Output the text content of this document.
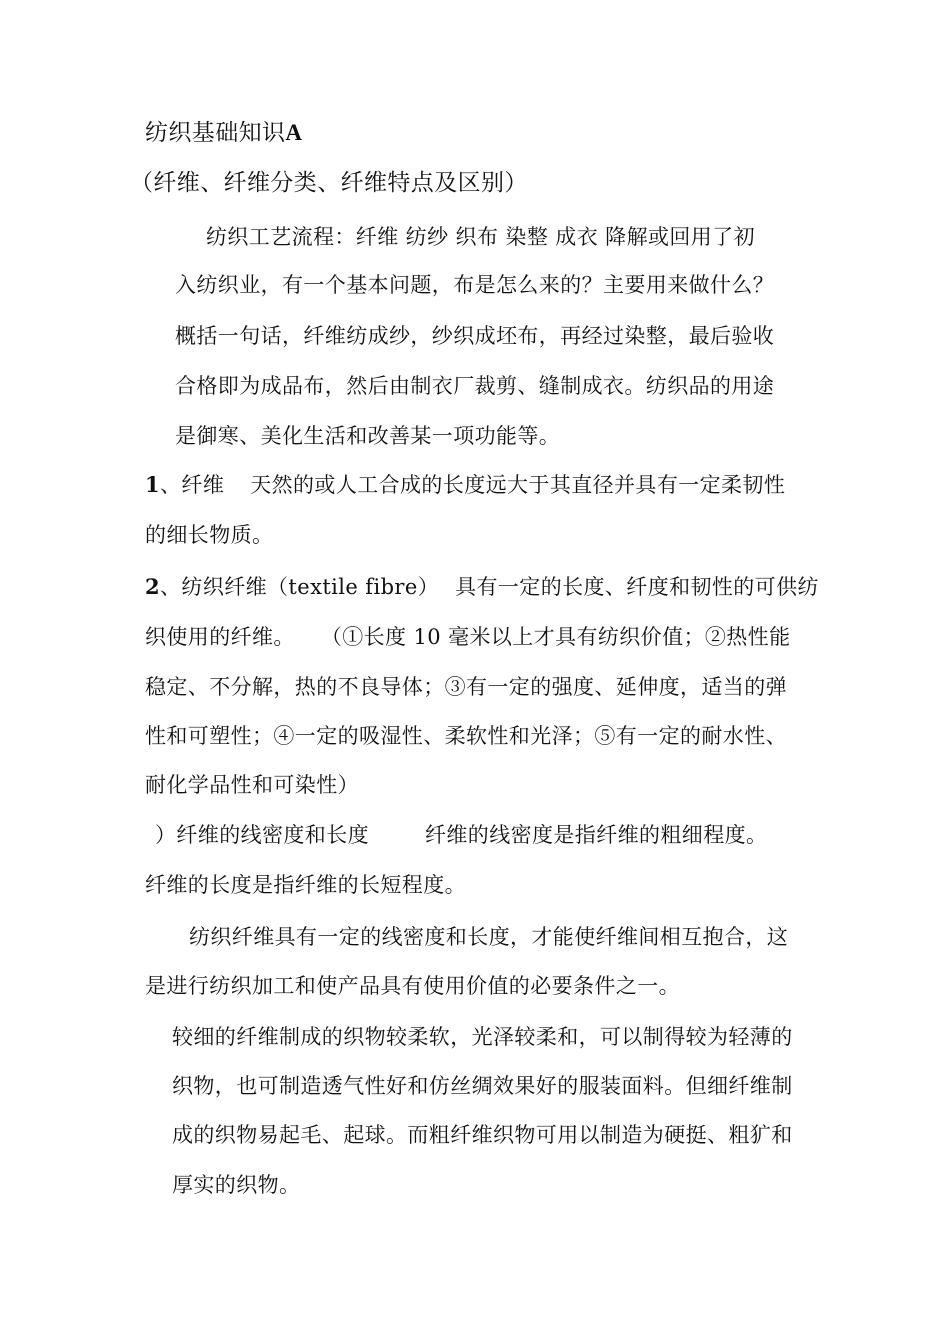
纺织基础知识A
（纤维、纤维分类、纤维特点及区别）
纺织工艺流程：纤维 纺纱 织布 染整 成衣 降解或回用了初
入纺织业，有一个基本问题，布是怎么来的？主要用来做什么？
概括一句话，纤维纺成纱，纱织成坯布，再经过染整，最后验收
合格即为成品布，然后由制衣厂裁剪、缝制成衣。纺织品的用途
是御寒、美化生活和改善某一项功能等。
1、纤维 天然的或人工合成的长度远大于其直径并具有一定柔韧性
的细长物质。
2、纺织纤维（textile fibre） 具有一定的长度、纤度和韧性的可供纺
织使用的纤维。 （①长度 10 毫米以上才具有纺织价值；②热性能
稳定、不分解，热的不良导体；③有一定的强度、延伸度，适当的弹
性和可塑性；④一定的吸湿性、柔软性和光泽；⑤有一定的耐水性、
耐化学品性和可染性）
）纤维的线密度和长度	纤维的线密度是指纤维的粗细程度。
纤维的长度是指纤维的长短程度。
纺织纤维具有一定的线密度和长度，才能使纤维间相互抱合，这
是进行纺织加工和使产品具有使用价值的必要条件之一。
较细的纤维制成的织物较柔软，光泽较柔和，可以制得较为轻薄的
织物，也可制造透气性好和仿丝绸效果好的服装面料。但细纤维制
成的织物易起毛、起球。而粗纤维织物可用以制造为硬挺、粗犷和
厚实的织物。
